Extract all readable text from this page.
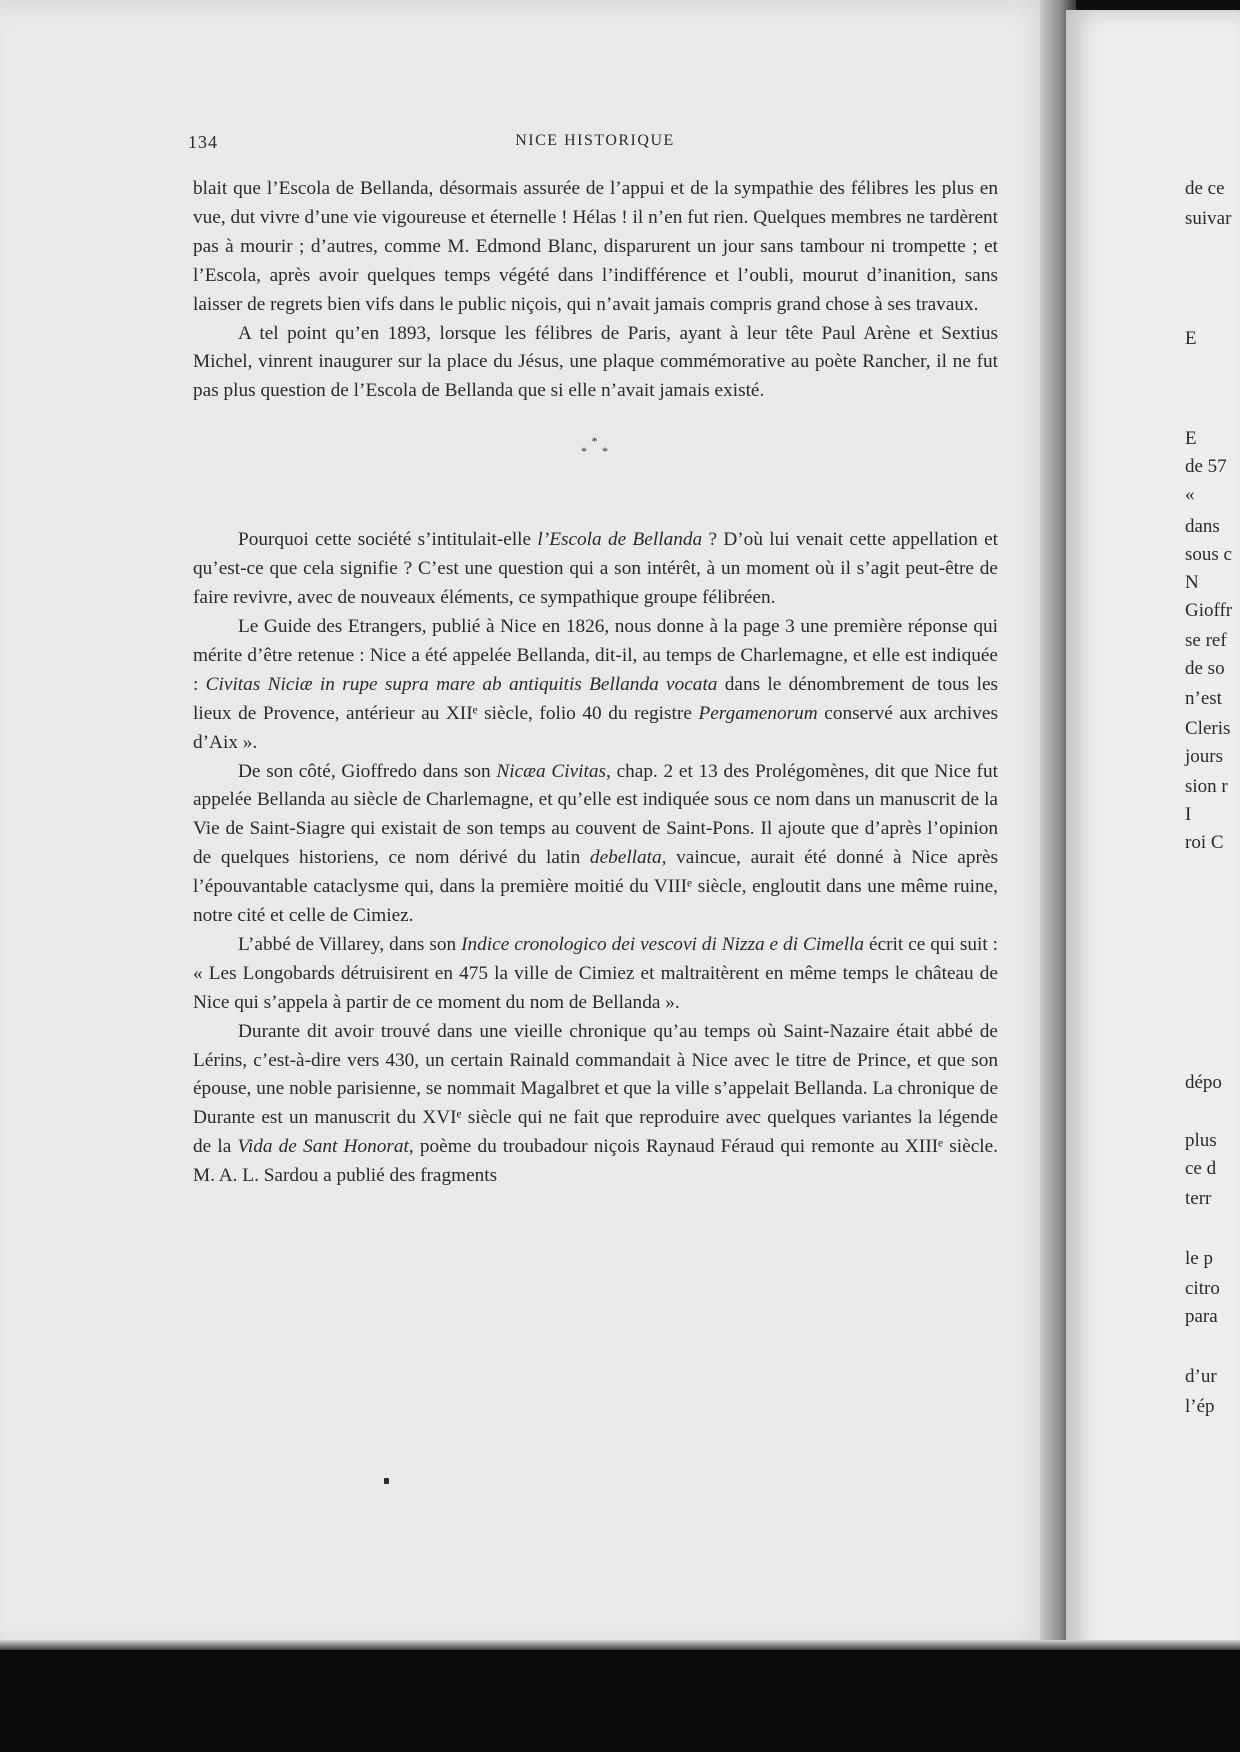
134	NICE HISTORIQUE

blait que l’Escola de Bellanda, désormais assurée de l’appui et de la sympathie des félibres les plus en vue, dut vivre d’une vie vigoureuse et éternelle ! Hélas ! il n’en fut rien. Quelques membres ne tardèrent pas à mourir ; d’autres, comme M. Edmond Blanc, disparurent un jour sans tambour ni trompette ; et l’Escola, après avoir quelques temps végété dans l’indifférence et l’oubli, mourut d’inanition, sans laisser de regrets bien vifs dans le public niçois, qui n’avait jamais compris grand chose à ses travaux.

A tel point qu’en 1893, lorsque les félibres de Paris, ayant à leur tête Paul Arène et Sextius Michel, vinrent inaugurer sur la place du Jésus, une plaque commémorative au poète Rancher, il ne fut pas plus question de l’Escola de Bellanda que si elle n’avait jamais existé.

*
* *

Pourquoi cette société s’intitulait-elle l’Escola de Bellanda ? D’où lui venait cette appellation et qu’est-ce que cela signifie ? C’est une question qui a son intérêt, à un moment où il s’agit peut-être de faire revivre, avec de nouveaux éléments, ce sympathique groupe félibréen.

Le Guide des Etrangers, publié à Nice en 1826, nous donne à la page 3 une première réponse qui mérite d’être retenue : Nice a été appelée Bellanda, dit-il, au temps de Charlemagne, et elle est indiquée : Civitas Niciæ in rupe supra mare ab antiquitis Bellanda vocata dans le dénombrement de tous les lieux de Provence, antérieur au XIIᵉ siècle, folio 40 du registre Pergamenorum conservé aux archives d’Aix ».

De son côté, Gioffredo dans son Nicæa Civitas, chap. 2 et 13 des Prolégomènes, dit que Nice fut appelée Bellanda au siècle de Charlemagne, et qu’elle est indiquée sous ce nom dans un manuscrit de la Vie de Saint-Siagre qui existait de son temps au couvent de Saint-Pons. Il ajoute que d’après l’opinion de quelques historiens, ce nom dérivé du latin debellata, vaincue, aurait été donné à Nice après l’épouvantable cataclysme qui, dans la première moitié du VIIIᵉ siècle, engloutit dans une même ruine, notre cité et celle de Cimiez.

L’abbé de Villarey, dans son Indice cronologico dei vescovi di Nizza e di Cimella écrit ce qui suit : « Les Longobards détruisirent en 475 la ville de Cimiez et maltraitèrent en même temps le château de Nice qui s’appela à partir de ce moment du nom de Bellanda ».

Durante dit avoir trouvé dans une vieille chronique qu’au temps où Saint-Nazaire était abbé de Lérins, c’est-à-dire vers 430, un certain Rainald commandait à Nice avec le titre de Prince, et que son épouse, une noble parisienne, se nommait Magalbret et que la ville s’appelait Bellanda. La chronique de Durante est un manuscrit du XVIᵉ siècle qui ne fait que reproduire avec quelques variantes la légende de la Vida de Sant Honorat, poème du troubadour niçois Raynaud Féraud qui remonte au XIIIᵉ siècle. M. A. L. Sardou a publié des fragments

de ce
suivar
E
E
de 57
«
dans
sous c
N
Gioffr
se ref
de so
n’est
Cleris
jours
sion r
I
roi C
dépo
plus
ce d
terr
le p
citro
para
d’ur
l’ép
